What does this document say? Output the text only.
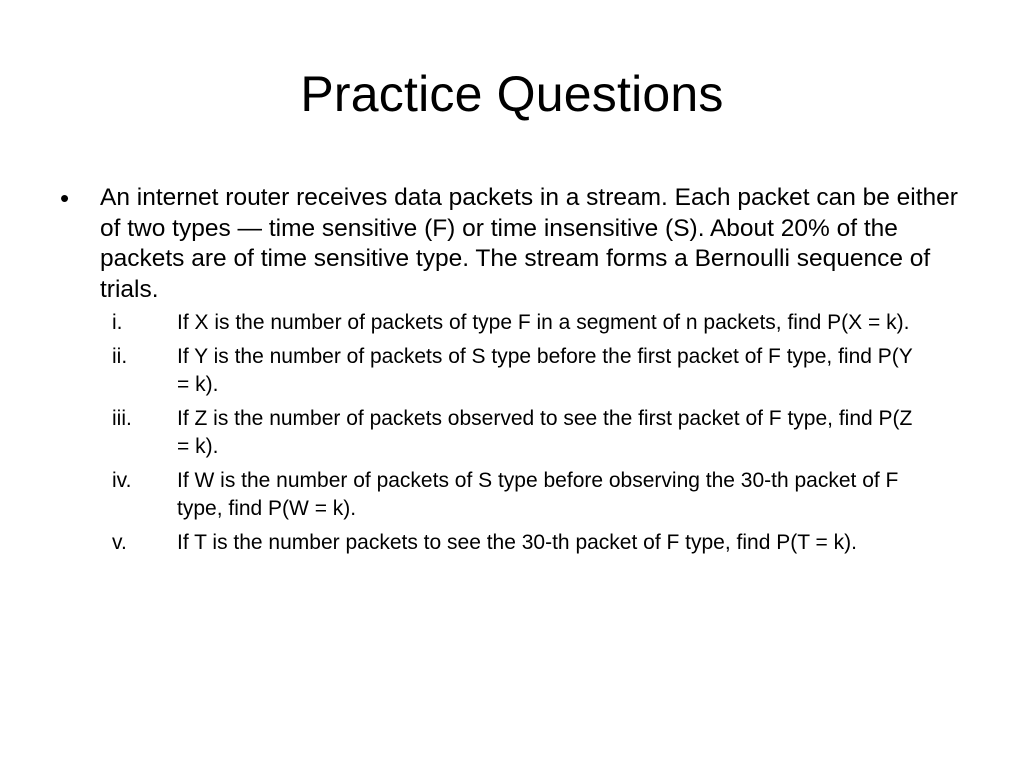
Practice Questions
•	An internet router receives data packets in a stream. Each packet can be either of two types — time sensitive (F) or time insensitive (S). About 20% of the packets are of time sensitive type. The stream forms a Bernoulli sequence of trials.

i.	If X is the number of packets of type F in a segment of n packets, find P(X = k).
ii.	If Y is the number of packets of S type before the first packet of F type, find P(Y = k).
iii.	If Z is the number of packets observed to see the first packet of F type, find P(Z = k).
iv.	If W is the number of packets of S type before observing the 30-th packet of F type, find P(W = k).
v.	If T is the number packets to see the 30-th packet of F type, find P(T = k).
